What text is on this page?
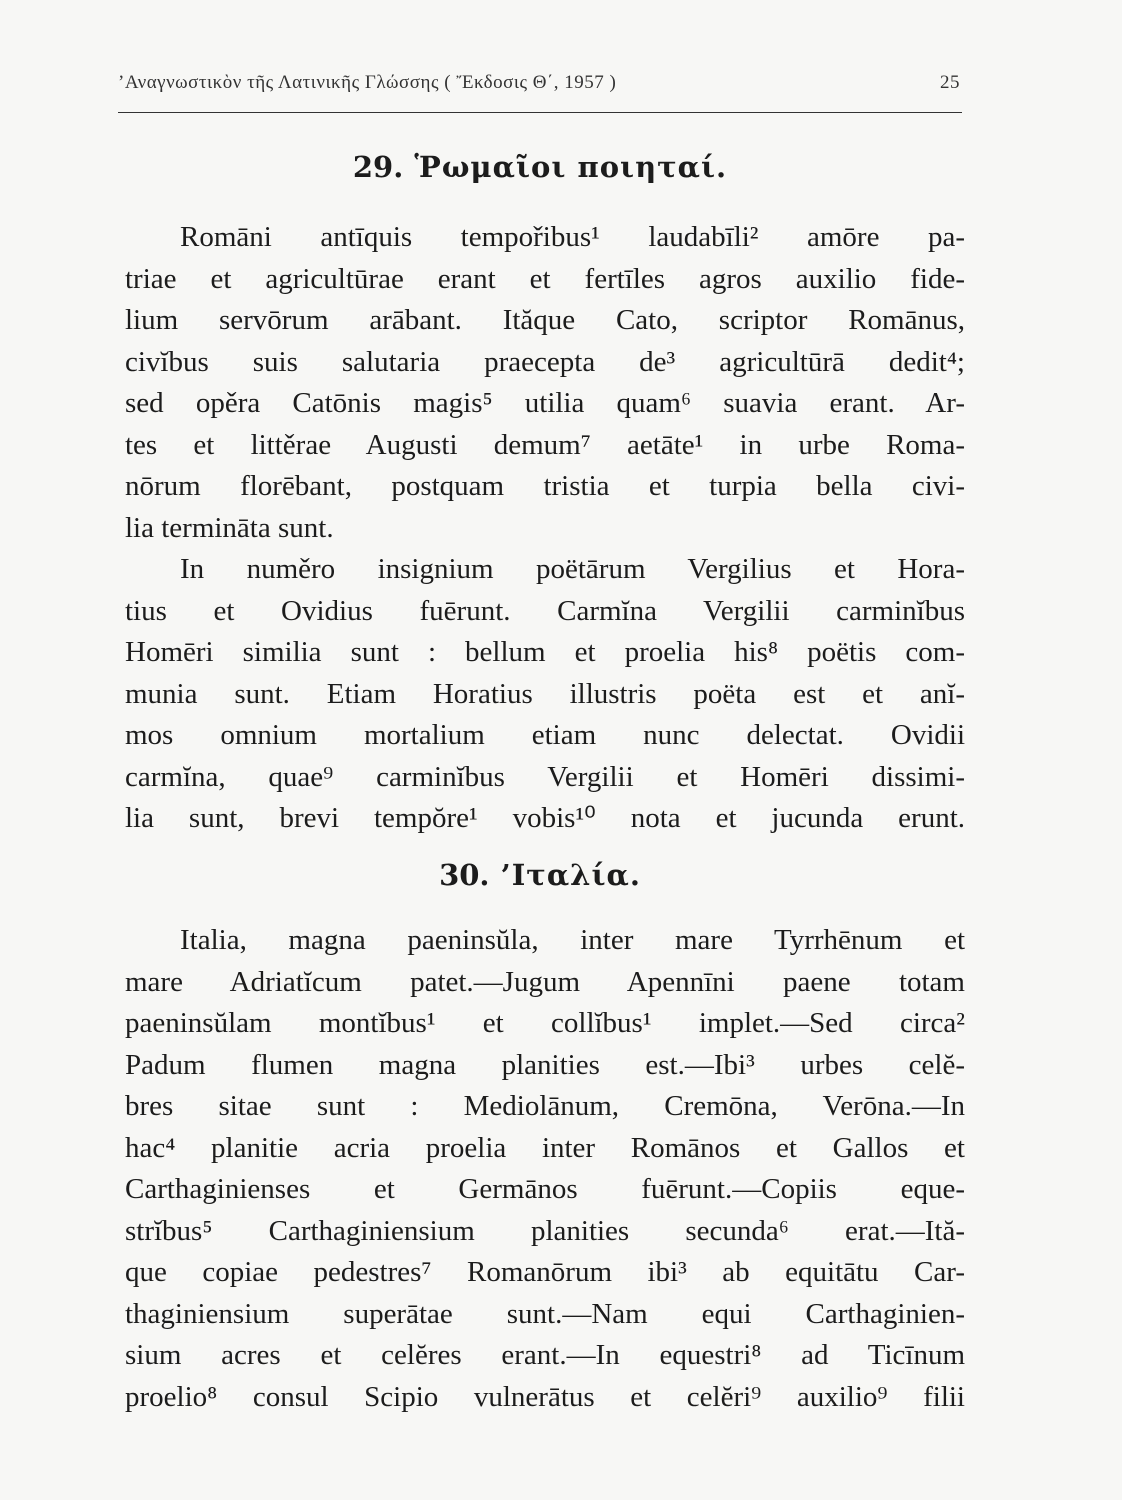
’Αναγνωστικὸν τῆς Λατινικῆς Γλώσσης ( Ἔκδοσις Θ΄, 1957 )	25
29. Ῥωμαῖοι ποιηταί.
Romāni antīquis tempořibus¹ laudabīli² amōre pa-
triae et agricultūrae erant et fertīles agros auxilio fide-
lium servōrum arābant. Ităque Cato, scriptor Romānus,
civĭbus suis salutaria praecepta de³ agricultūrā dedit⁴;
sed opěra Catōnis magis⁵ utilia quam⁶ suavia erant. Ar-
tes et littěrae Augusti demum⁷ aetāte¹ in urbe Roma-
nōrum florēbant, postquam tristia et turpia bella civi-
lia termināta sunt.
In numěro insignium poëtārum Vergilius et Hora-
tius et Ovidius fuērunt. Carmĭna Vergilii carminĭbus
Homēri similia sunt : bellum et proelia his⁸ poëtis com-
munia sunt. Etiam Horatius illustris poëta est et anĭ-
mos omnium mortalium etiam nunc delectat. Ovidii
carmĭna, quae⁹ carminĭbus Vergilii et Homēri dissimi-
lia sunt, brevi tempŏre¹ vobis¹⁰ nota et jucunda erunt.
30. ’Ιταλία.
Italia, magna paeninsŭla, inter mare Tyrrhēnum et
mare Adriatĭcum patet.—Jugum Apennīni paene totam
paeninsŭlam montĭbus¹ et collĭbus¹ implet.—Sed circa²
Padum flumen magna planities est.—Ibi³ urbes celĕ-
bres sitae sunt : Mediolānum, Cremōna, Verōna.—In
hac⁴ planitie acria proelia inter Romānos et Gallos et
Carthaginienses et Germānos fuērunt.—Copiis eque-
strĭbus⁵ Carthaginiensium planities secunda⁶ erat.—Ită-
que copiae pedestres⁷ Romanōrum ibi³ ab equitātu Car-
thaginiensium superātae sunt.—Nam equi Carthaginien-
sium acres et celĕres erant.—In equestri⁸ ad Ticīnum
proelio⁸ consul Scipio vulnerātus et celĕri⁹ auxilio⁹ filii
